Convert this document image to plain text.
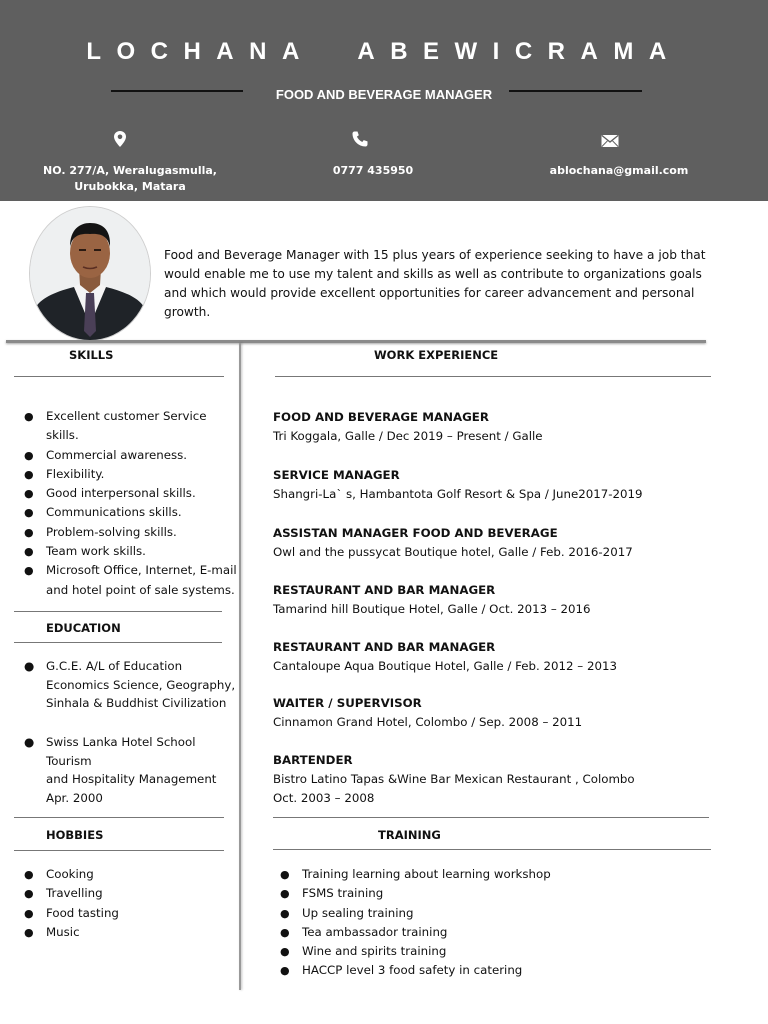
LOCHANA  ABEWICRAMA
FOOD AND BEVERAGE MANAGER
NO. 277/A, Weralugasmulla,
Urubokka, Matara
0777 435950	ablochana@gmail.com
Food and Beverage Manager with 15 plus years of experience seeking to have a job that would enable me to use my talent and skills as well as contribute to organizations goals and which would provide excellent opportunities for career advancement and personal growth.
SKILLS
● Excellent customer Service skills.
● Commercial awareness.
● Flexibility.
● Good interpersonal skills.
● Communications skills.
● Problem-solving skills.
● Team work skills.
● Microsoft Office, Internet, E-mail
and hotel point of sale systems.
EDUCATION
● G.C.E. A/L of Education
Economics Science, Geography,
Sinhala & Buddhist Civilization
● Swiss Lanka Hotel School Tourism
and Hospitality Management
Apr. 2000
HOBBIES
● Cooking
● Travelling
● Food tasting
● Music
WORK EXPERIENCE
FOOD AND BEVERAGE MANAGER
Tri Koggala, Galle / Dec 2019 – Present / Galle
SERVICE MANAGER
Shangri-La` s, Hambantota Golf Resort & Spa / June2017-2019
ASSISTAN MANAGER FOOD AND BEVERAGE
Owl and the pussycat Boutique hotel, Galle / Feb. 2016-2017
RESTAURANT AND BAR MANAGER
Tamarind hill Boutique Hotel, Galle / Oct. 2013 – 2016
RESTAURANT AND BAR MANAGER
Cantaloupe Aqua Boutique Hotel, Galle / Feb. 2012 – 2013
WAITER / SUPERVISOR
Cinnamon Grand Hotel, Colombo / Sep. 2008 – 2011
BARTENDER
Bistro Latino Tapas &Wine Bar Mexican Restaurant , Colombo
Oct. 2003 – 2008
TRAINING
● Training learning about learning workshop
● FSMS training
● Up sealing training
● Tea ambassador training
● Wine and spirits training
● HACCP level 3 food safety in catering
